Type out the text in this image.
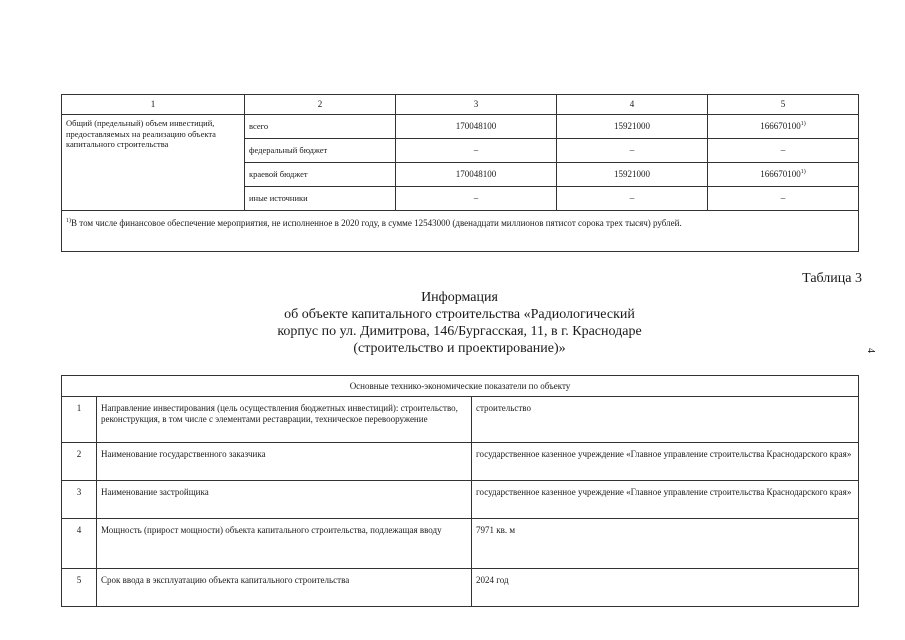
1	2	3	4	5
Общий (предельный) объем инвестиций, предоставляемых на реализацию объекта капитального строительства	всего	170048100	15921000	166670100$^{1)}$
	федеральный бюджет	–	–	–
	краевой бюджет	170048100	15921000	166670100$^{1)}$
	иные источники	–	–	–
$^{1)}$В том числе финансовое обеспечение мероприятия, не исполненное в 2020 году, в сумме 12543000 (двенадцати миллионов пятисот сорока трех тысяч) рублей.				
Таблица 3
Информация
об объекте капитального строительства «Радиологический
корпус по ул. Димитрова, 146/Бургасская, 11, в г. Краснодаре
(строительство и проектирование)»	4
Основные технико-экономические показатели по объекту		
1	Направление инвестирования (цель осуществления бюджетных инвестиций): строительство, реконструкция, в том числе с элементами реставрации, техническое перевооружение	строительство
2	Наименование государственного заказчика	государственное казенное учреждение «Главное управление строительства Краснодарского края»
3	Наименование застройщика	государственное казенное учреждение «Главное управление строительства Краснодарского края»
4	Мощность (прирост мощности) объекта капитального строительства, подлежащая вводу	7971 кв. м
5	Срок ввода в эксплуатацию объекта капитального строительства	2024 год
